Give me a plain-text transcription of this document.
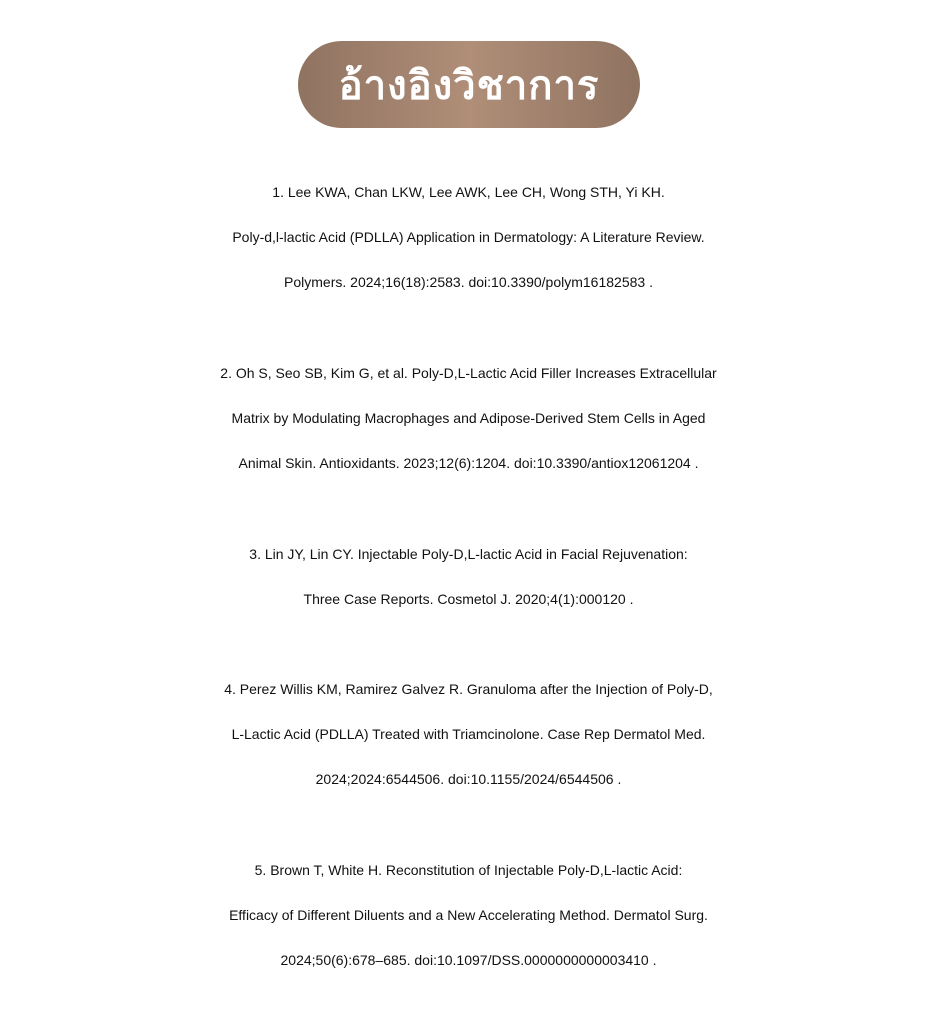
อ้างอิงวิชาการ
1. Lee KWA, Chan LKW, Lee AWK, Lee CH, Wong STH, Yi KH.
Poly-d,l-lactic Acid (PDLLA) Application in Dermatology: A Literature Review.
Polymers. 2024;16(18):2583. doi:10.3390/polym16182583 .
2. Oh S, Seo SB, Kim G, et al. Poly-D,L-Lactic Acid Filler Increases Extracellular
Matrix by Modulating Macrophages and Adipose-Derived Stem Cells in Aged
Animal Skin. Antioxidants. 2023;12(6):1204. doi:10.3390/antiox12061204 .
3. Lin JY, Lin CY. Injectable Poly-D,L-lactic Acid in Facial Rejuvenation:
Three Case Reports. Cosmetol J. 2020;4(1):000120 .
4. Perez Willis KM, Ramirez Galvez R. Granuloma after the Injection of Poly-D,
L-Lactic Acid (PDLLA) Treated with Triamcinolone. Case Rep Dermatol Med.
2024;2024:6544506. doi:10.1155/2024/6544506 .
5. Brown T, White H. Reconstitution of Injectable Poly-D,L-lactic Acid:
Efficacy of Different Diluents and a New Accelerating Method. Dermatol Surg.
2024;50(6):678–685. doi:10.1097/DSS.0000000000003410 .
